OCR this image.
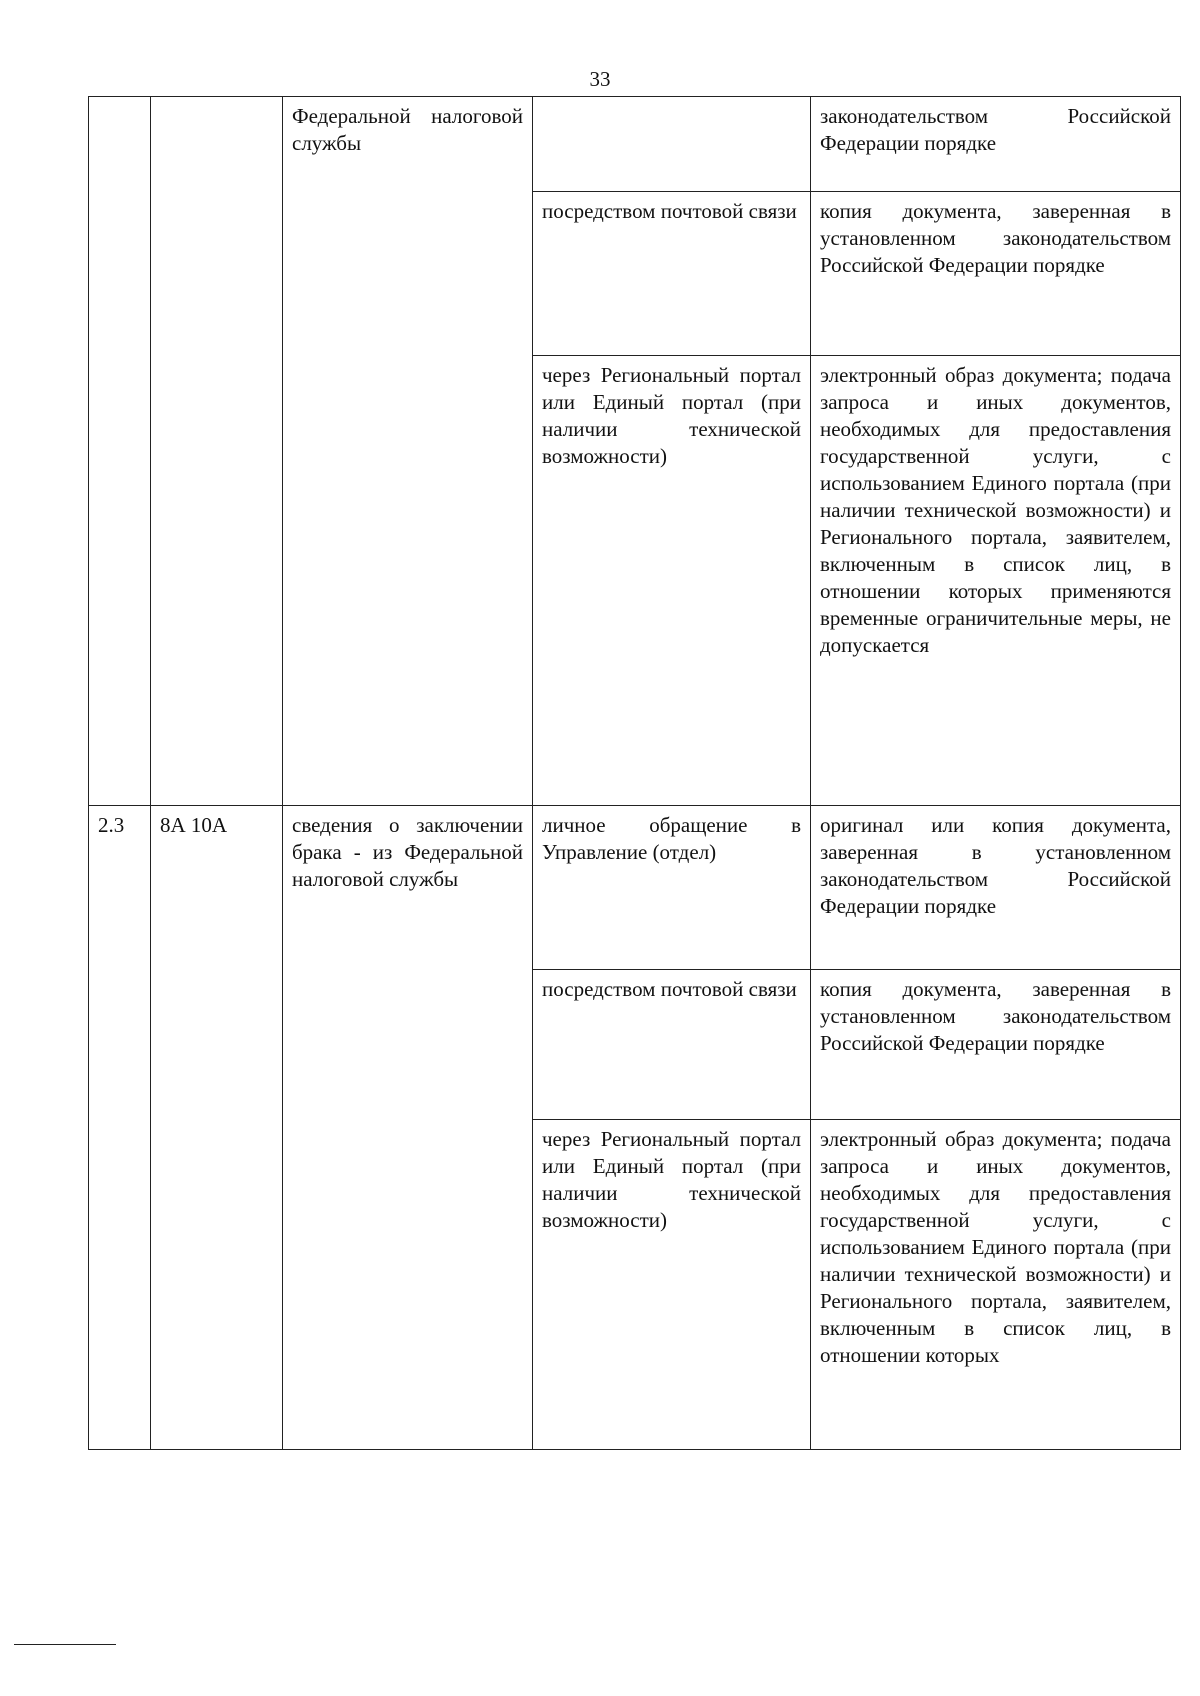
33
		Федеральной налоговой службы		законодательством Российской Федерации порядке
			посредством почтовой связи	копия документа, заверенная в установленном законодательством Российской Федерации порядке
			через Региональный портал или Единый портал (при наличии технической возможности)	электронный образ документа; подача запроса и иных документов, необходимых для предоставления государственной услуги, с использованием Единого портала (при наличии технической возможности) и Регионального портала, заявителем, включенным в список лиц, в отношении которых применяются временные ограничительные меры, не допускается
2.3	8А 10А	сведения о заключении брака - из Федеральной налоговой службы	личное обращение в Управление (отдел)	оригинал или копия документа, заверенная в установленном законодательством Российской Федерации порядке
			посредством почтовой связи	копия документа, заверенная в установленном законодательством Российской Федерации порядке
			через Региональный портал или Единый портал (при наличии технической возможности)	электронный образ документа; подача запроса и иных документов, необходимых для предоставления государственной услуги, с использованием Единого портала (при наличии технической возможности) и Регионального портала, заявителем, включенным в список лиц, в отношении которых
